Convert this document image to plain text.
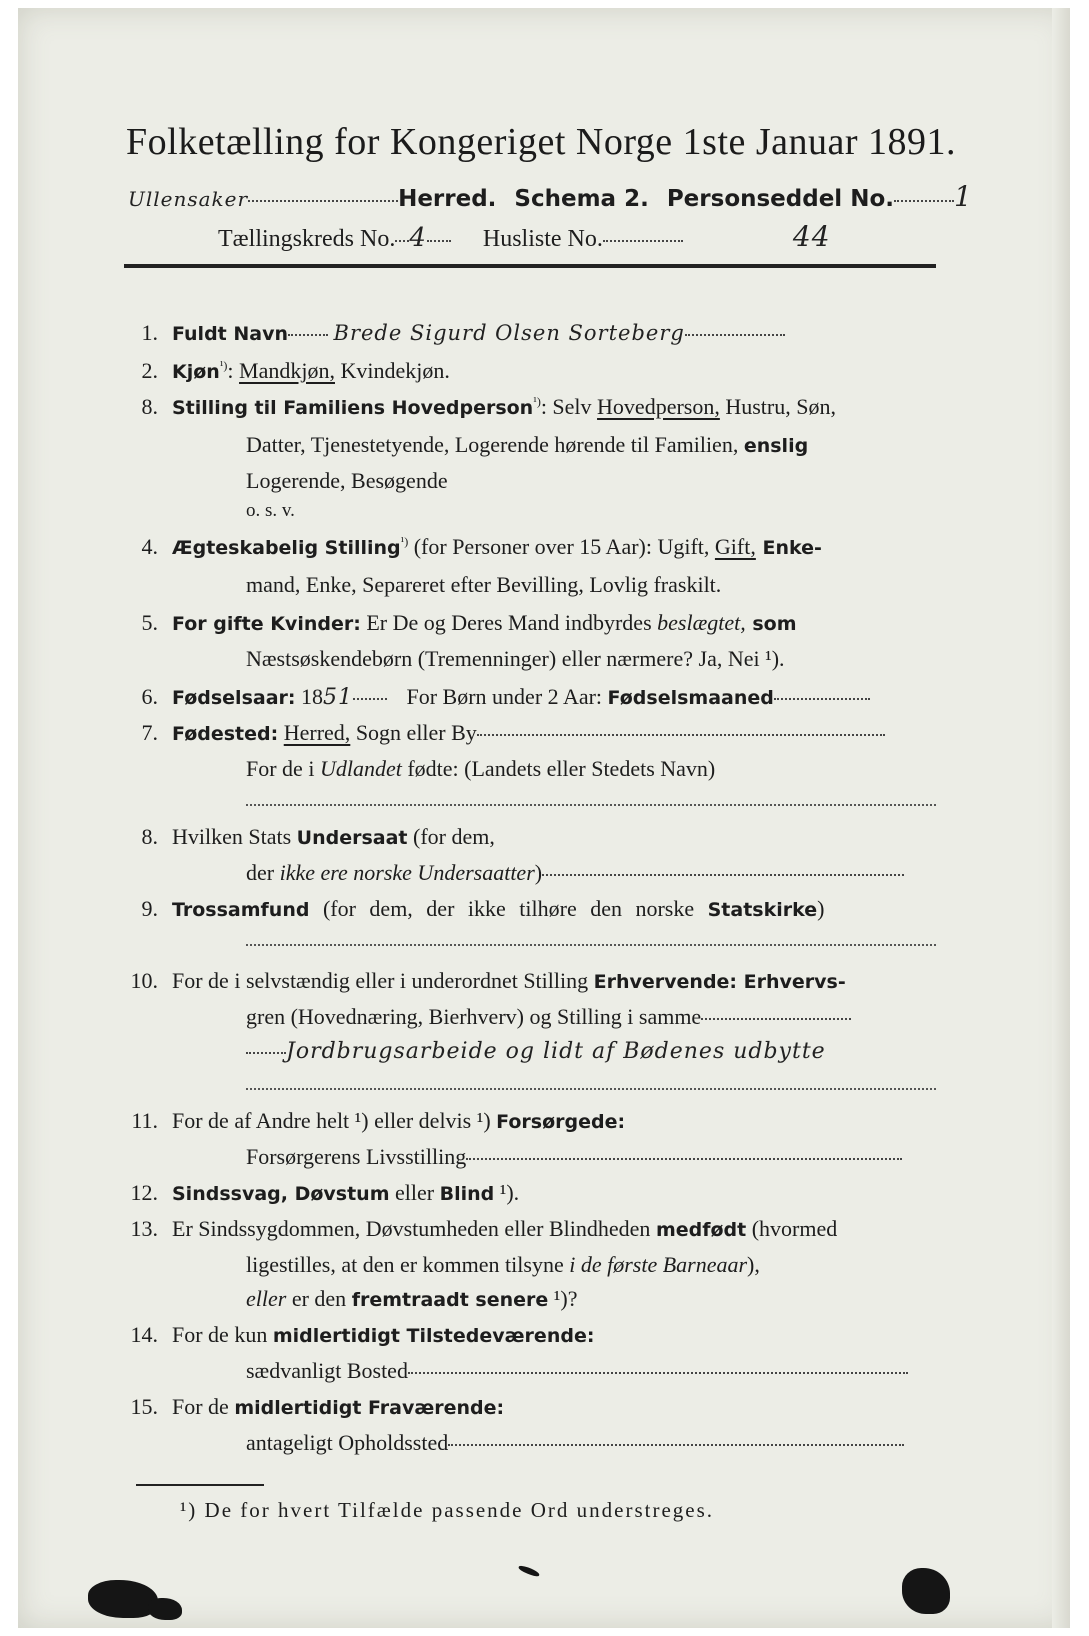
Folketælling for Kongeriget Norge 1ste Januar 1891.
Ullensaker	Herred. Schema 2. Personseddel No. 1
Tællingskreds No. 4 Husliste No.	44
1. Fuldt Navn Brede Sigurd Olsen Sorteberg
2. Kjøn$^{^1)}$: Mandkjøn, Kvindekjøn.
8. Stilling til Familiens Hovedperson$^{^1)}$: Selv Hovedperson, Hustru, Søn,
Datter, Tjenestetyende, Logerende hørende til Familien, enslig
Logerende, Besøgende
o. s. v.
4. Ægteskabelig Stilling$^{^1)}$ (for Personer over 15 Aar): Ugift, Gift, Enke-
mand, Enke, Separeret efter Bevilling, Lovlig fraskilt.
5. For gifte Kvinder: Er De og Deres Mand indbyrdes beslægtet, som
Næstsøskendebørn (Tremenninger) eller nærmere? Ja, Nei ¹).
6. Fødselsaar: 1851 For Børn under 2 Aar: Fødselsmaaned
7. Fødested: Herred, Sogn eller By
For de i Udlandet fødte: (Landets eller Stedets Navn)
8. Hvilken Stats Undersaat (for dem,
der ikke ere norske Undersaatter)
9. Trossamfund (for dem, der ikke tilhøre den norske Statskirke)
10. For de i selvstændig eller i underordnet Stilling Erhvervende: Erhvervs-
gren (Hovednæring, Bierhverv) og Stilling i samme
Jordbrugsarbeide og lidt af Bødenes udbytte
11. For de af Andre helt ¹) eller delvis ¹) Forsørgede:
Forsørgerens Livsstilling
12. Sindssvag, Døvstum eller Blind ¹).
13. Er Sindssygdommen, Døvstumheden eller Blindheden medfødt (hvormed
ligestilles, at den er kommen tilsyne i de første Barneaar),
eller er den fremtraadt senere ¹)?
14. For de kun midlertidigt Tilstedeværende:
sædvanligt Bosted
15. For de midlertidigt Fraværende:
antageligt Opholdssted
¹) De for hvert Tilfælde passende Ord understreges.
